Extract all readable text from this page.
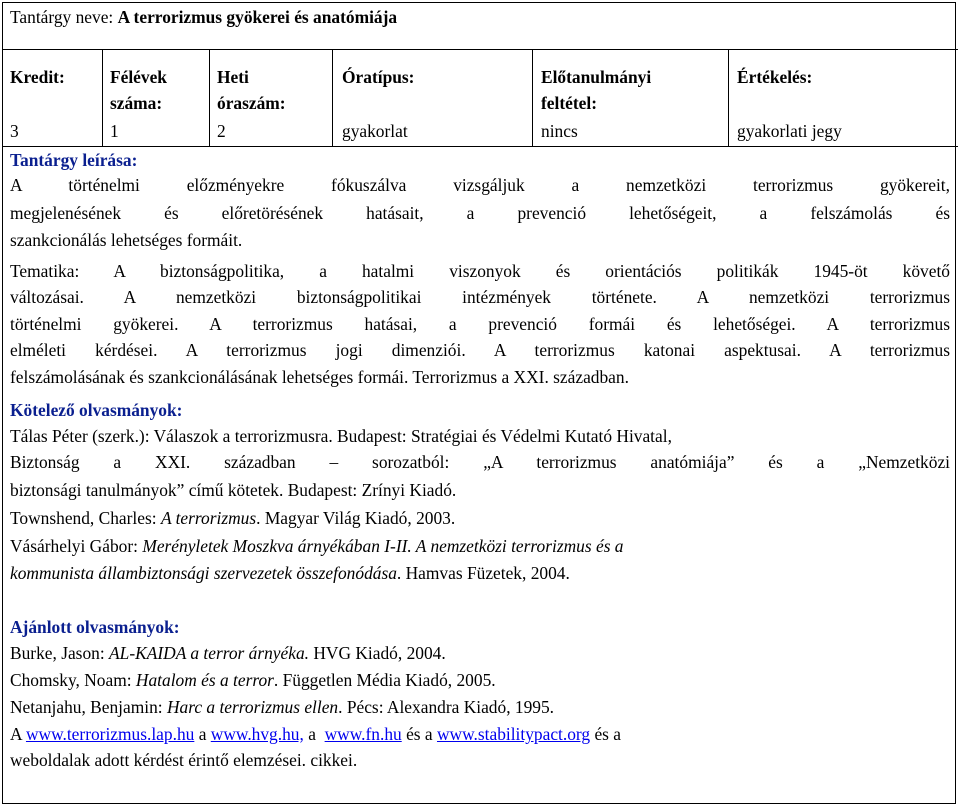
Tantárgy neve: A terrorizmus gyökerei és anatómiája
Kredit:
3
Félévek
száma:
1
Heti
óraszám:
2
Óratípus:
gyakorlat
Előtanulmányi
feltétel:
nincs
Értékelés:
gyakorlati jegy
Tantárgy leírása:
A történelmi előzményekre fókuszálva vizsgáljuk a nemzetközi terrorizmus gyökereit,
megjelenésének és előretörésének hatásait, a prevenció lehetőségeit, a felszámolás és
szankcionálás lehetséges formáit.
Tematika: A biztonságpolitika, a hatalmi viszonyok és orientációs politikák 1945-öt követő
változásai. A nemzetközi biztonságpolitikai intézmények története. A nemzetközi terrorizmus
történelmi gyökerei. A terrorizmus hatásai, a prevenció formái és lehetőségei. A terrorizmus
elméleti kérdései. A terrorizmus jogi dimenziói. A terrorizmus katonai aspektusai. A terrorizmus
felszámolásának és szankcionálásának lehetséges formái. Terrorizmus a XXI. században.
Kötelező olvasmányok:
Tálas Péter (szerk.): Válaszok a terrorizmusra. Budapest: Stratégiai és Védelmi Kutató Hivatal,
Biztonság a XXI. században – sorozatból: „A terrorizmus anatómiája” és a „Nemzetközi
biztonsági tanulmányok” című kötetek. Budapest: Zrínyi Kiadó.
Townshend, Charles: A terrorizmus. Magyar Világ Kiadó, 2003.
Vásárhelyi Gábor: Merényletek Moszkva árnyékában I-II. A nemzetközi terrorizmus és a
kommunista állambiztonsági szervezetek összefonódása. Hamvas Füzetek, 2004.
Ajánlott olvasmányok:
Burke, Jason: AL-KAIDA a terror árnyéka. HVG Kiadó, 2004.
Chomsky, Noam: Hatalom és a terror. Független Média Kiadó, 2005.
Netanjahu, Benjamin: Harc a terrorizmus ellen. Pécs: Alexandra Kiadó, 1995.
A www.terrorizmus.lap.hu a www.hvg.hu, a  www.fn.hu és a www.stabilitypact.org és a
weboldalak adott kérdést érintő elemzései. cikkei.
